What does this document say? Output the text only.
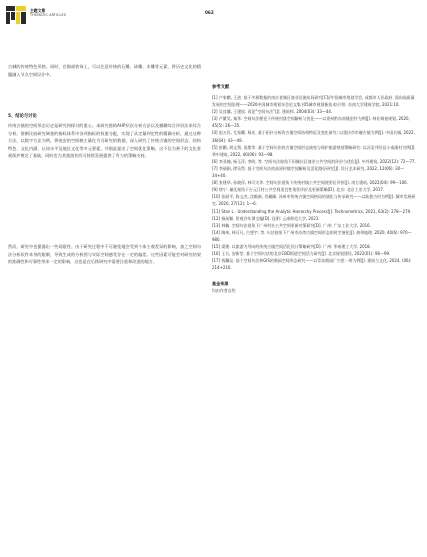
主题文章
THEMATIC ARTICLES	062

古城的传统特色风格。同时，在细部装饰上，可以注意传统的石雕、砖雕、木雕等元素，将历史文化的精髓融入节点空间设计中。

5、结论与讨论

传统古镇的空间形态历史是研究和探讨的重心。本研究借助AHP层次分析方法以及模糊综合评价法来综合分析。推断比较研究调查的指标体系中各项指标的权重分配，实现了从定量到定性的精确分析，通过这种方法，以数字方法为例，将宛安的空间赖主量化为可研究的数据，深入研究了传统古镇的空间形态、结构特色、文化内涵、认知水平及地区文化等多元要素，并据此提出了空间优化策略，这不仅为善于的文化景观保护奠定了基础，同时也为其旅游业的可持续发展提供了有力的策略支持。

然而，研究中也暴露出一些局限性。由于研究过程中不可避免地会受到个体主观差异的影响，加之空间句法分析软件本身的限制，导致生成的分析图与实际空间感受存在一定的偏差。这些因素可能会对研究结果的准确性和可靠性带来一定的影响，这也是在后续研究中需要注重和改进的地方。

参考文献

[1] 卢家鹏, 王进. 基于多源数据的南京老城区商业设施布局研究[C]//中国城市规划学会, 成都市人民政府. 面向高质量发展的空间治理——2020中国城市规划年会论文集 (05城市规划新技术应用). 东南大学建筑学院, 2021:10.

[2] 吴良镛, 王建国. 再论“空间句法”[J]. 建筑师, 2004(03): 33—44.

[3] 卢繁昊, 秦华. 空间句法理论下传统村落空间解析与优化——以贵州黔东南隆里村为例[J]. 林业调查规划, 2020, 45(5): 26—35.

[4] 赵万民, 尤家曜, 杨光. 基于拓扑分析的古镇空间结构特征及变化研究: 以重庆市市磁古镇为例[J]. 中国名城, 2022, 36(04): 43—49.

[5] 彭鹏, 胡文利, 田甜等. 基于空间句法的古镇空间形态演变与保护旅游规划策略研究: 以河北井陉县小南溪村为例[J]. 华中建筑, 2022, 40(06): 93—98.

[6] 李亚楠, 杨玉萍, 李明, 等. 空间句法视角下旧城社区商业公共空间的评价与优化[J]. 中外建筑, 2022(12): 72—77.

[7] 李丽娟, 徐乐然. 基于空间句法的高原村镇空间解析及活化路径研究[J]. 设计艺术研究, 2022, 12(06): 30—34+40.

[8] 张建华, 孙晓萍, 林可夫等. 空间句法视角下传统村镇公共空间使用后评价[J]. 南方建筑, 2022(04): 99—106.

[9] 徐宁. 量化视角下古元江村公共空间适宜性现状评价及更新策略[D]. 北京: 北京工业大学, 2017.

[10] 张丽平, 陈文杰, 沈瞻新, 肖珊珊. 苏州市传统古镇空间格局的演化与传承研究——以陆巷古村为例[J]. 城市发展研究, 2020, 27(12): 1—6.

[11] Stan L . Understanding the Analytic Hierarchy Process[J]. Technometrics, 2021, 63(2): 278—279.

[12] 杨丝颖. 景观谷年谱全编[D]. 昆明: 云南师范大学, 2021.

[13] 林楠. 空间句法视角下广州村社公共空间更新对策研究[D]. 广州: 广东工业大学, 2016.

[14] 陶伟, 林可凡, 古想宇, 等. 句法视角下广州市沙湾古镇空间形态的时空演化[J]. 热带地理, 2020, 40(6): 970—980.

[15] 梁建. 以旅游为导向的传统古镇空间活化设计策略研究[D]. 广州: 华南理工大学, 2018.

[16] 王名, 安新堂. 基于空间句法的北京CBD街道空间活力研究[J]. 北京规划建设, 2022(01): 96—99.

[17] 钱馨仪. 基于空间句法和GIS的凰园空间形态研究——以青岛凰园广兴里一带为例[J]. 建筑与文化, 2024, (06): 214+216.

基金来源
均由作者自绘
